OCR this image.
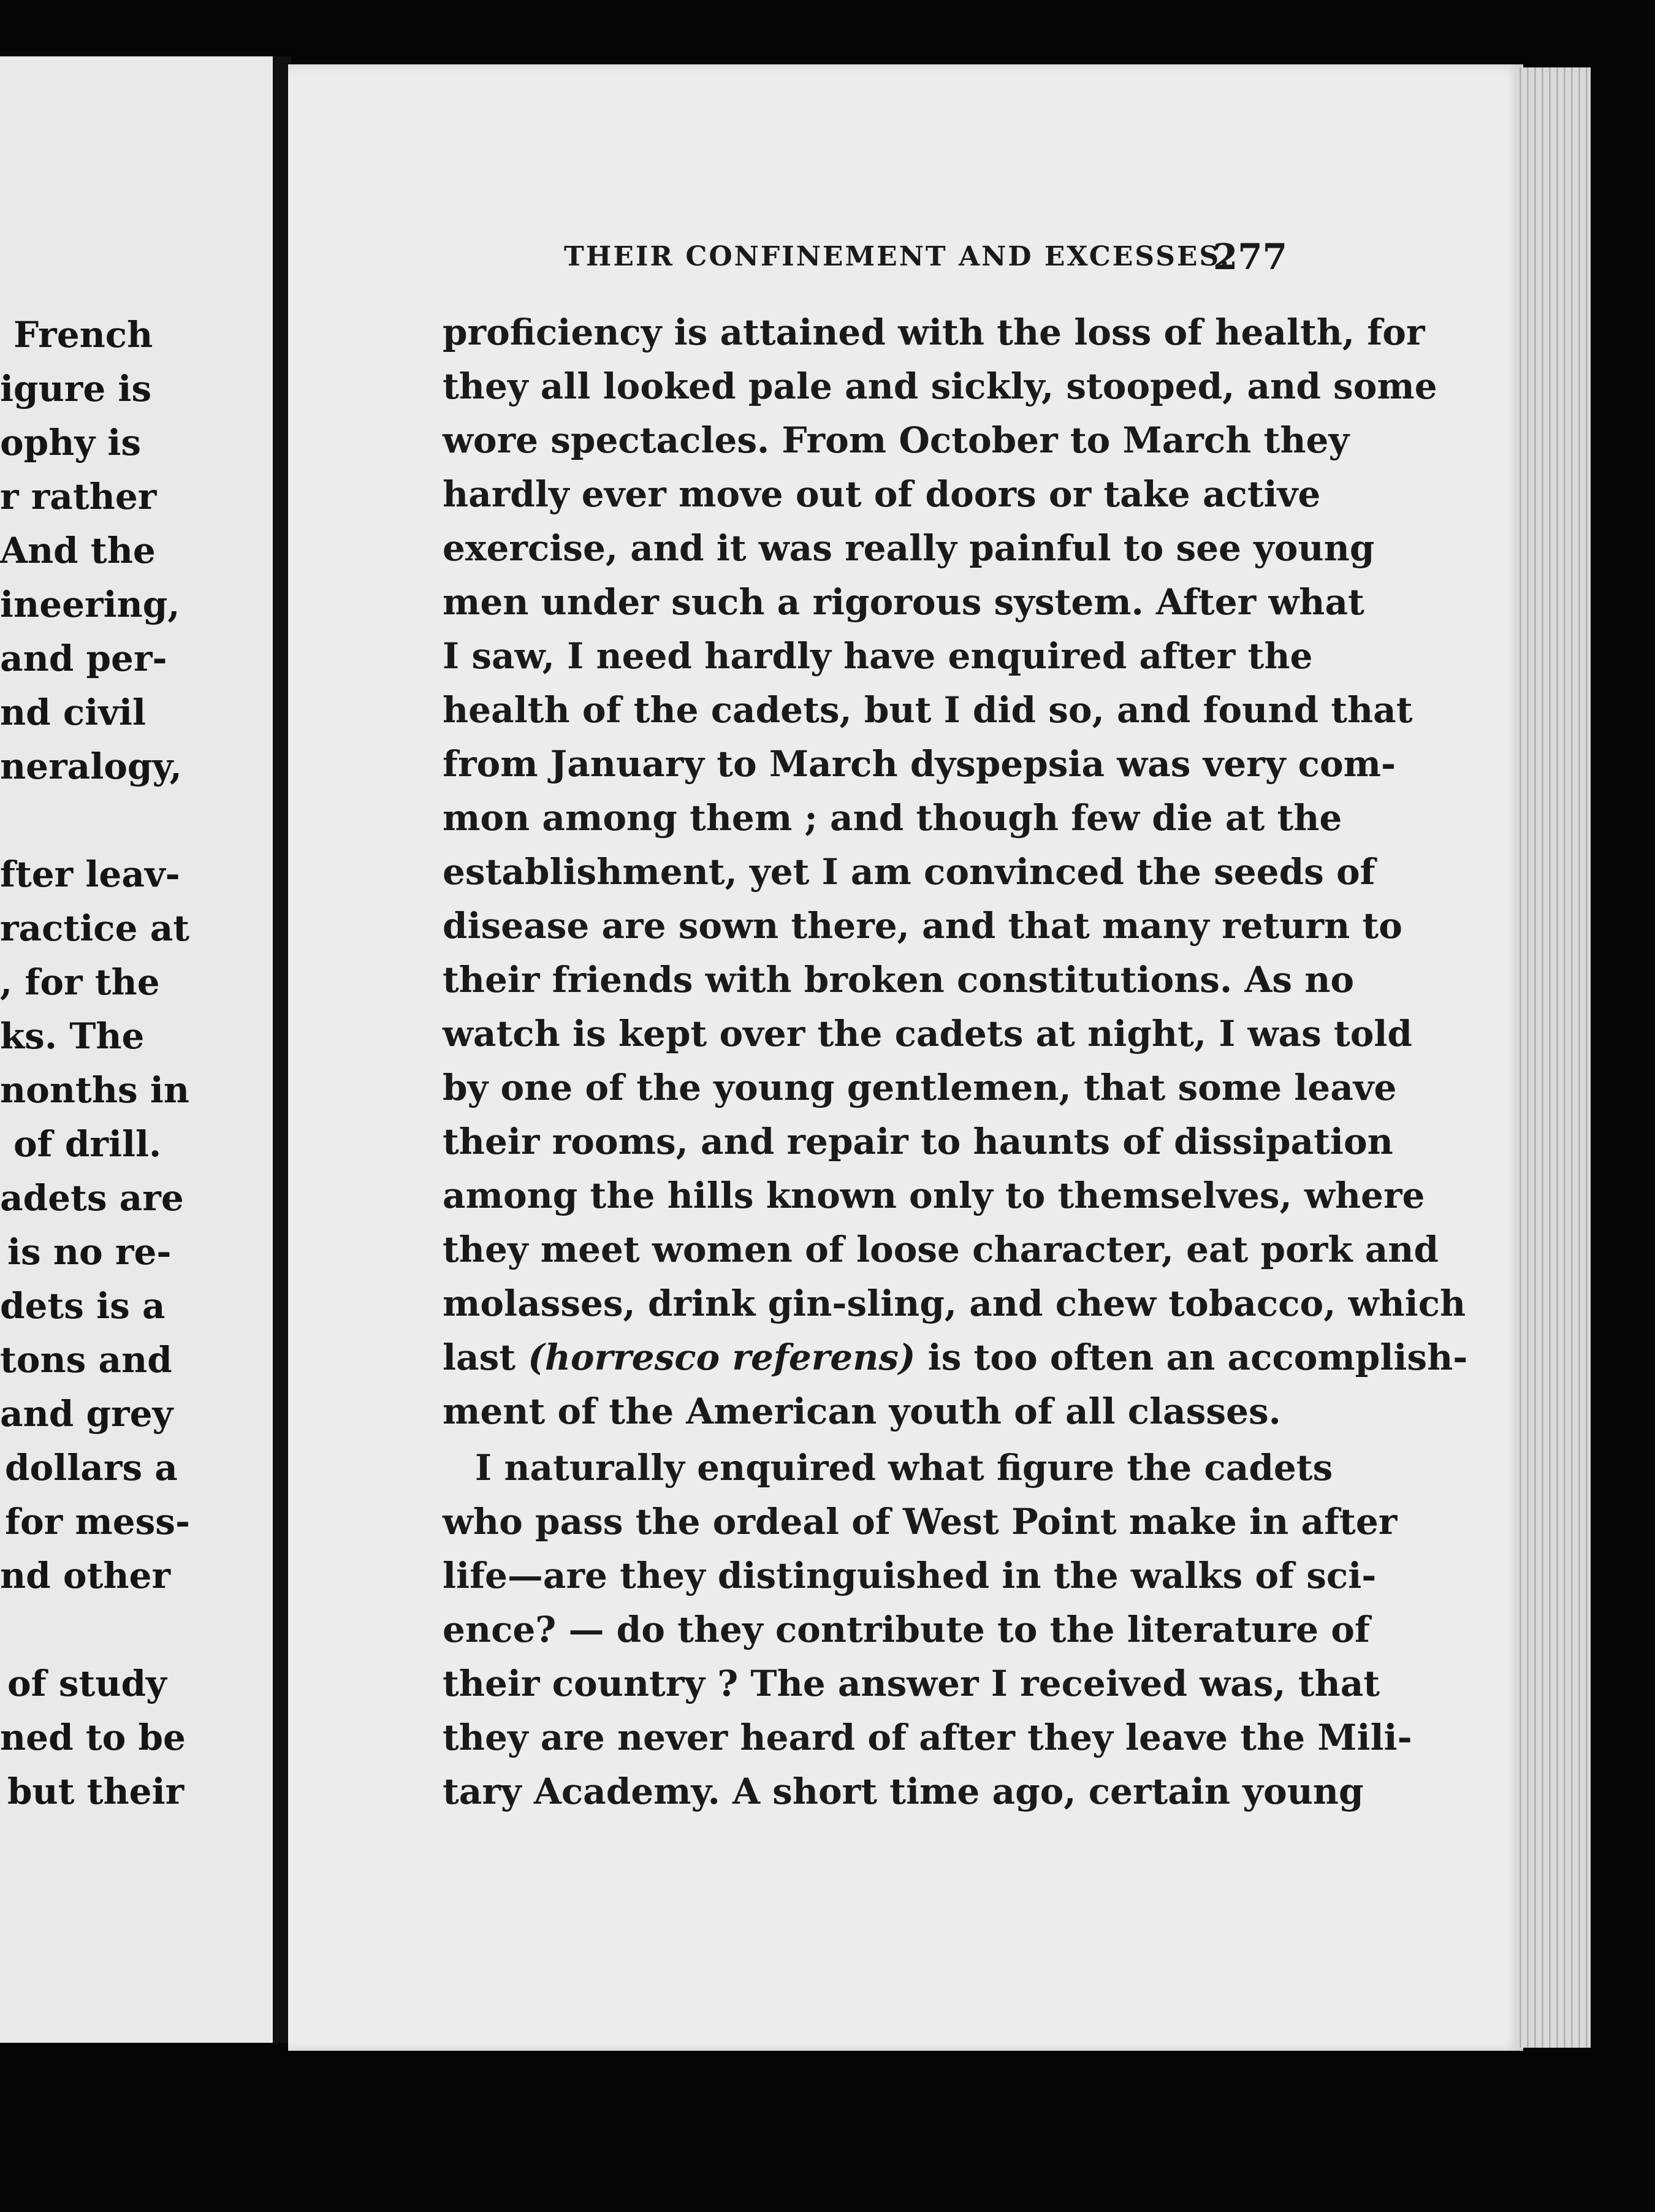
French
igure is
ophy is
r rather
And the
ineering,
and per-
nd civil
neralogy,
fter leav-
ractice at
, for the
ks. The
nonths in
of drill.
adets are
is no re-
dets is a
tons and
and grey
dollars a
for mess-
nd other
of study
ned to be
but their
THEIR CONFINEMENT AND EXCESSES.
277
proficiency is attained with the loss of health, for
they all looked pale and sickly, stooped, and some
wore spectacles. From October to March they
hardly ever move out of doors or take active
exercise, and it was really painful to see young
men under such a rigorous system. After what
I saw, I need hardly have enquired after the
health of the cadets, but I did so, and found that
from January to March dyspepsia was very com-
mon among them ; and though few die at the
establishment, yet I am convinced the seeds of
disease are sown there, and that many return to
their friends with broken constitutions. As no
watch is kept over the cadets at night, I was told
by one of the young gentlemen, that some leave
their rooms, and repair to haunts of dissipation
among the hills known only to themselves, where
they meet women of loose character, eat pork and
molasses, drink gin-sling, and chew tobacco, which
last (horresco referens) is too often an accomplish-
ment of the American youth of all classes.
I naturally enquired what figure the cadets
who pass the ordeal of West Point make in after
life—are they distinguished in the walks of sci-
ence? — do they contribute to the literature of
their country ? The answer I received was, that
they are never heard of after they leave the Mili-
tary Academy. A short time ago, certain young
